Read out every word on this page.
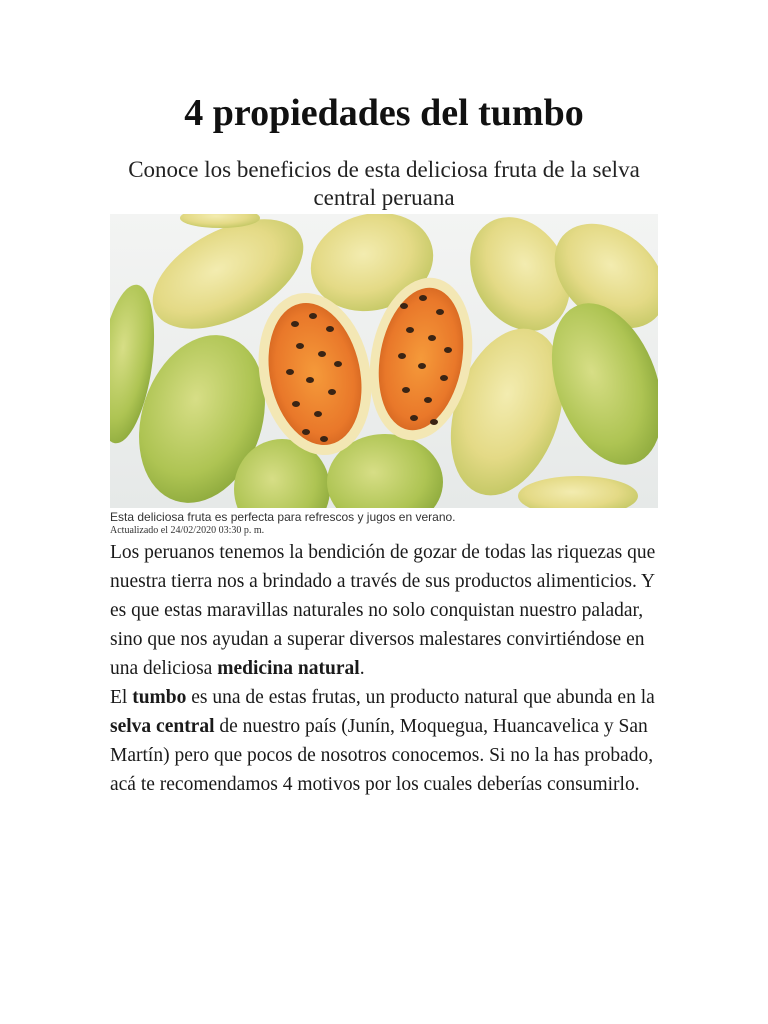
4 propiedades del tumbo
Conoce los beneficios de esta deliciosa fruta de la selva central peruana
Esta deliciosa fruta es perfecta para refrescos y jugos en verano.
Actualizado el 24/02/2020 03:30 p. m.

Los peruanos tenemos la bendición de gozar de todas las riquezas que nuestra tierra nos a brindado a través de sus productos alimenticios. Y es que estas maravillas naturales no solo conquistan nuestro paladar, sino que nos ayudan a superar diversos malestares convirtiéndose en una deliciosa medicina natural.

El tumbo es una de estas frutas, un producto natural que abunda en la selva central de nuestro país (Junín, Moquegua, Huancavelica y San Martín) pero que pocos de nosotros conocemos. Si no la has probado, acá te recomendamos 4 motivos por los cuales deberías consumirlo.
